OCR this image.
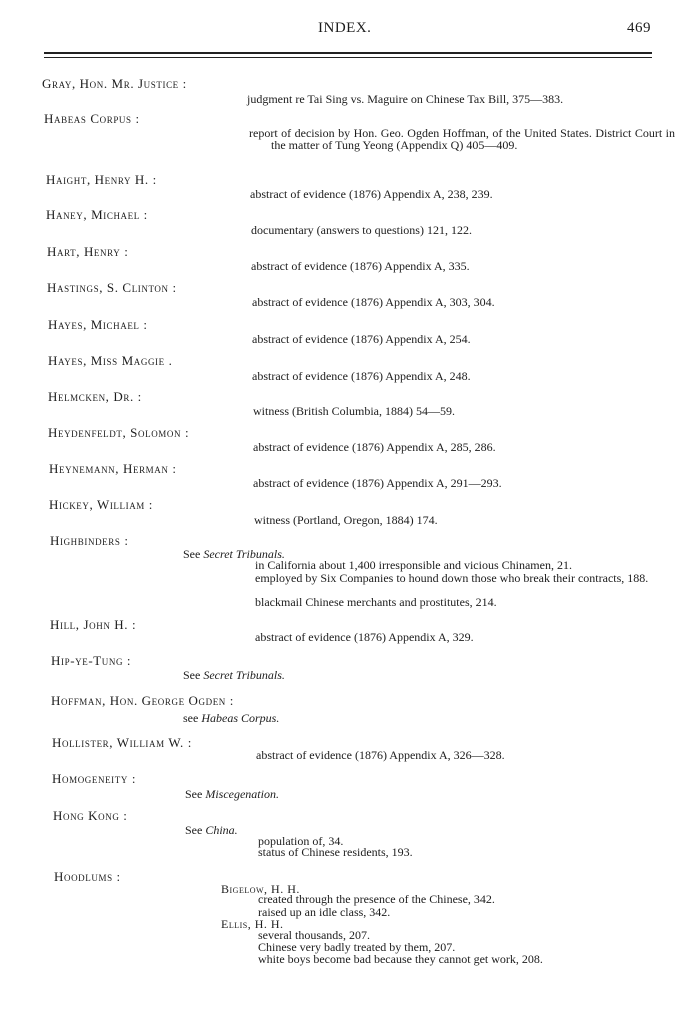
INDEX.	469
Gray, Hon. Mr. Justice :
judgment re Tai Sing vs. Maguire on Chinese Tax Bill, 375—383.
Habeas Corpus :
report of decision by Hon. Geo. Ogden Hoffman, of the United States. District Court in the matter of Tung Yeong (Appendix Q) 405—409.
Haight, Henry H. :
abstract of evidence (1876) Appendix A, 238, 239.
Haney, Michael :
documentary (answers to questions) 121, 122.
Hart, Henry :
abstract of evidence (1876) Appendix A, 335.
Hastings, S. Clinton :
abstract of evidence (1876) Appendix A, 303, 304.
Hayes, Michael :
abstract of evidence (1876) Appendix A, 254.
Hayes, Miss Maggie .
abstract of evidence (1876) Appendix A, 248.
Helmcken, Dr. :
witness (British Columbia, 1884) 54—59.
Heydenfeldt, Solomon :
abstract of evidence (1876) Appendix A, 285, 286.
Heynemann, Herman :
abstract of evidence (1876) Appendix A, 291—293.
Hickey, William :
witness (Portland, Oregon, 1884) 174.
Highbinders :
See Secret Tribunals.
in California about 1,400 irresponsible and vicious Chinamen, 21.
employed by Six Companies to hound down those who break their contracts, 188.
blackmail Chinese merchants and prostitutes, 214.
Hill, John H. :
abstract of evidence (1876) Appendix A, 329.
Hip-ye-Tung :
See Secret Tribunals.
Hoffman, Hon. George Ogden :
see Habeas Corpus.
Hollister, William W. :
abstract of evidence (1876) Appendix A, 326—328.
Homogeneity :
See Miscegenation.
Hong Kong :
See China.
population of, 34.
status of Chinese residents, 193.
Hoodlums :
Bigelow, H. H.
created through the presence of the Chinese, 342.
raised up an idle class, 342.
Ellis, H. H.
several thousands, 207.
Chinese very badly treated by them, 207.
white boys become bad because they cannot get work, 208.
